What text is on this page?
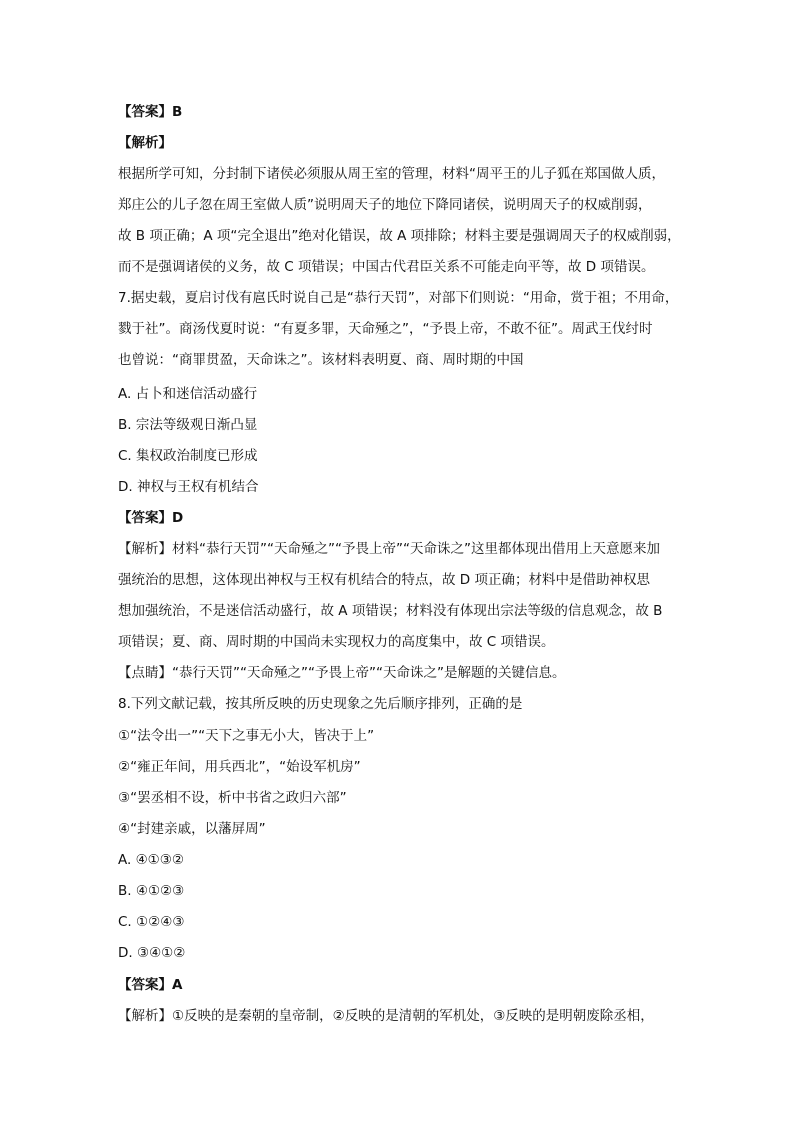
【答案】B
【解析】
根据所学可知，分封制下诸侯必须服从周王室的管理，材料“周平王的儿子狐在郑国做人质，
郑庄公的儿子忽在周王室做人质”说明周天子的地位下降同诸侯，说明周天子的权威削弱，
故 B 项正确；A 项“完全退出”绝对化错误，故 A 项排除；材料主要是强调周天子的权威削弱，
而不是强调诸侯的义务，故 C 项错误；中国古代君臣关系不可能走向平等，故 D 项错误。
7.据史载，夏启讨伐有扈氏时说自己是“恭行天罚”，对部下们则说：“用命，赏于祖；不用命，
戮于社”。商汤伐夏时说：“有夏多罪，天命殛之”，“予畏上帝，不敢不征”。周武王伐纣时
也曾说：“商罪贯盈，天命诛之”。该材料表明夏、商、周时期的中国
A. 占卜和迷信活动盛行
B. 宗法等级观日渐凸显
C. 集权政治制度已形成
D. 神权与王权有机结合
【答案】D
【解析】材料“恭行天罚”“天命殛之”“予畏上帝”“天命诛之”这里都体现出借用上天意愿来加
强统治的思想，这体现出神权与王权有机结合的特点，故 D 项正确；材料中是借助神权思
想加强统治，不是迷信活动盛行，故 A 项错误；材料没有体现出宗法等级的信息观念，故 B
项错误；夏、商、周时期的中国尚未实现权力的高度集中，故 C 项错误。
【点睛】“恭行天罚”“天命殛之”“予畏上帝”“天命诛之”是解题的关键信息。
8.下列文献记载，按其所反映的历史现象之先后顺序排列，正确的是
①“法令出一”“天下之事无小大，皆决于上”
②“雍正年间，用兵西北”，“始设军机房”
③“罢丞相不设，析中书省之政归六部”
④“封建亲戚，以藩屏周”
A. ④①③②
B. ④①②③
C. ①②④③
D. ③④①②
【答案】A
【解析】①反映的是秦朝的皇帝制，②反映的是清朝的军机处，③反映的是明朝废除丞相，
